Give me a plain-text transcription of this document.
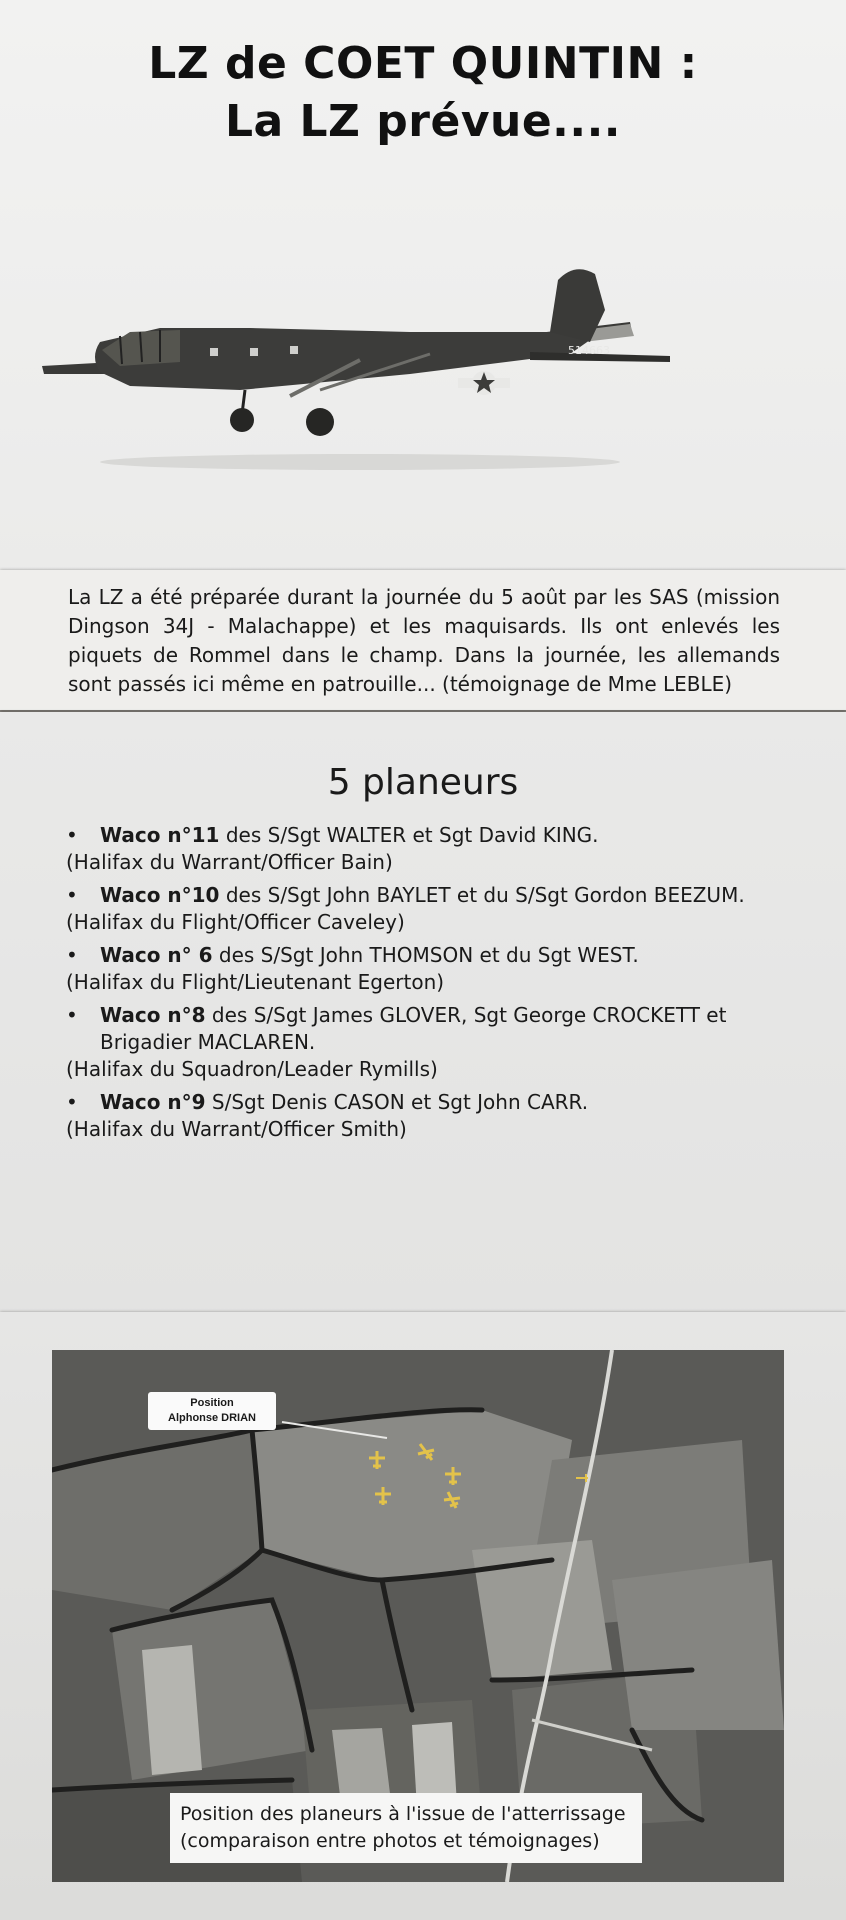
LZ de COET QUINTIN :
La LZ prévue....
514663
La LZ a été préparée durant la journée du 5 août par les SAS (mission Dingson 34J - Malachappe) et les maquisards. Ils ont enlevés les piquets de Rommel dans le champ. Dans la journée, les allemands sont passés ici même en patrouille... (témoignage de Mme LEBLE)
5 planeurs
• Waco n°11 des S/Sgt WALTER et Sgt David KING.
(Halifax du Warrant/Officer Bain)
• Waco n°10 des S/Sgt John BAYLET et du S/Sgt Gordon BEEZUM.
(Halifax du Flight/Officer Caveley)
• Waco n° 6 des S/Sgt John THOMSON et du Sgt WEST.
(Halifax du Flight/Lieutenant Egerton)
• Waco n°8 des S/Sgt James GLOVER, Sgt George CROCKETT et Brigadier MACLAREN.
(Halifax du Squadron/Leader Rymills)
• Waco n°9 S/Sgt Denis CASON et Sgt John CARR.
(Halifax du Warrant/Officer Smith)
Position
Alphonse DRIAN
Position des planeurs à l'issue de l'atterrissage
(comparaison entre photos et témoignages)
